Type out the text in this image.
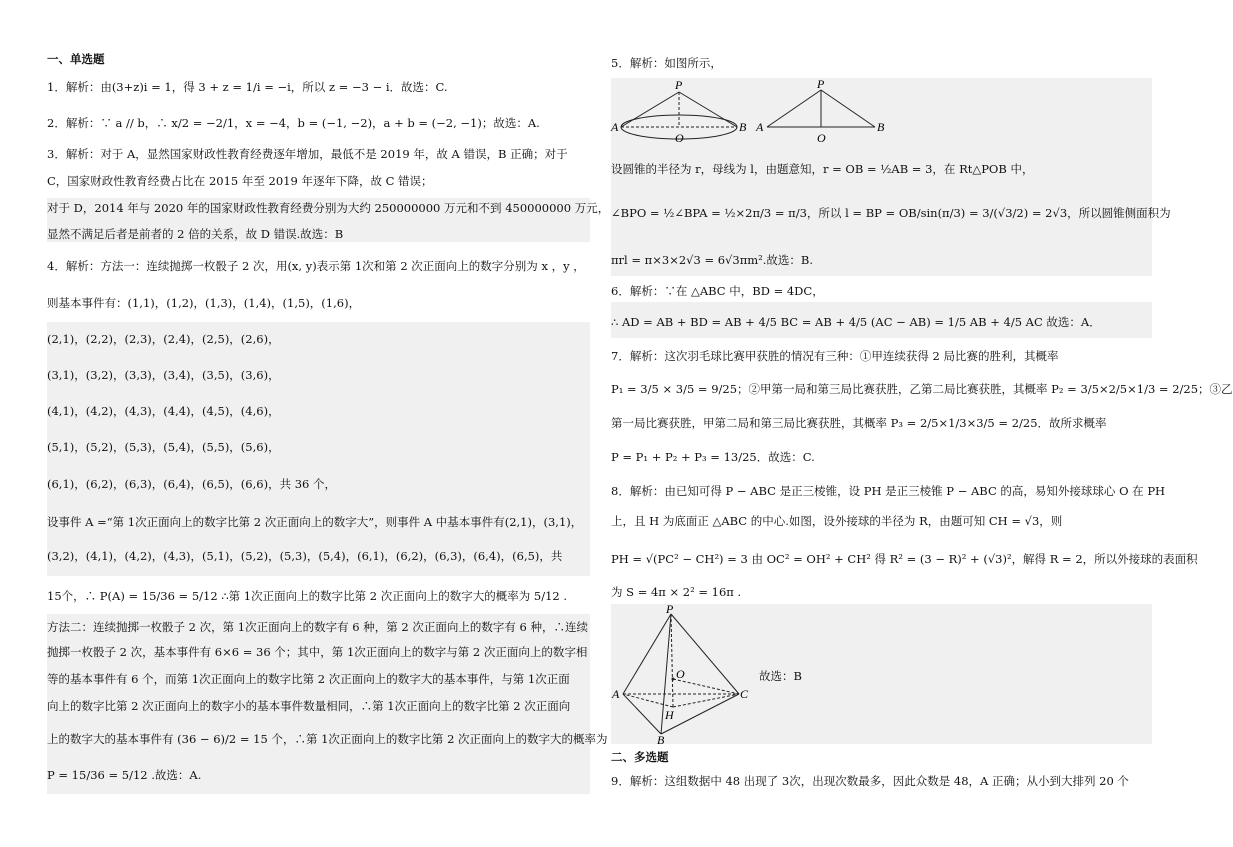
一、单选题
1．解析：由(3+z)i = 1，得 3 + z = 1/i = −i，所以 z = −3 − i．故选：C.
2．解析：∵ a // b，∴ x/2 = −2/1，x = −4，b = (−1, −2)，a + b = (−2, −1)；故选：A.
3．解析：对于 A，显然国家财政性教育经费逐年增加，最低不是 2019 年，故 A 错误，B 正确；对于
C，国家财政性教育经费占比在 2015 年至 2019 年逐年下降，故 C 错误；
对于 D，2014 年与 2020 年的国家财政性教育经费分别为大约 250000000 万元和不到 450000000 万元，
显然不满足后者是前者的 2 倍的关系，故 D 错误.故选：B
4．解析：方法一：连续抛掷一枚骰子 2 次，用(x, y)表示第 1次和第 2 次正面向上的数字分别为 x ，y ，
则基本事件有：(1,1)，(1,2)，(1,3)，(1,4)，(1,5)，(1,6)，
(2,1)，(2,2)，(2,3)，(2,4)，(2,5)，(2,6)，
(3,1)，(3,2)，(3,3)，(3,4)，(3,5)，(3,6)，
(4,1)，(4,2)，(4,3)，(4,4)，(4,5)，(4,6)，
(5,1)，(5,2)，(5,3)，(5,4)，(5,5)，(5,6)，
(6,1)，(6,2)，(6,3)，(6,4)，(6,5)，(6,6)，共 36 个，
设事件 A =“第 1次正面向上的数字比第 2 次正面向上的数字大”，则事件 A 中基本事件有(2,1)，(3,1)，
(3,2)，(4,1)，(4,2)，(4,3)，(5,1)，(5,2)，(5,3)，(5,4)，(6,1)，(6,2)，(6,3)，(6,4)，(6,5)，共
15个，∴ P(A) = 15/36 = 5/12 ∴第 1次正面向上的数字比第 2 次正面向上的数字大的概率为 5/12 .
方法二：连续抛掷一枚骰子 2 次，第 1次正面向上的数字有 6 种，第 2 次正面向上的数字有 6 种，∴连续
抛掷一枚骰子 2 次，基本事件有 6×6 = 36 个；其中，第 1次正面向上的数字与第 2 次正面向上的数字相
等的基本事件有 6 个，而第 1次正面向上的数字比第 2 次正面向上的数字大的基本事件，与第 1次正面
向上的数字比第 2 次正面向上的数字小的基本事件数量相同，∴第 1次正面向上的数字比第 2 次正面向
上的数字大的基本事件有 (36 − 6)/2 = 15 个，∴第 1次正面向上的数字比第 2 次正面向上的数字大的概率为
P = 15/36 = 5/12 .故选：A.
5．解析：如图所示，
P
A
O
B
P
A
O
B
设圆锥的半径为 r，母线为 l，由题意知，r = OB = ½AB = 3，在 Rt△POB 中，
∠BPO = ½∠BPA = ½×2π/3 = π/3，所以 l = BP = OB/sin(π/3) = 3/(√3/2) = 2√3，所以圆锥侧面积为
πrl = π×3×2√3 = 6√3πm².故选：B.
6．解析：∵在 △ABC 中，BD = 4DC，
∴ AD = AB + BD = AB + 4/5 BC = AB + 4/5 (AC − AB) = 1/5 AB + 4/5 AC 故选：A．
7．解析：这次羽毛球比赛甲获胜的情况有三种：①甲连续获得 2 局比赛的胜利，其概率
P₁ = 3/5 × 3/5 = 9/25；②甲第一局和第三局比赛获胜，乙第二局比赛获胜，其概率 P₂ = 3/5×2/5×1/3 = 2/25；③乙
第一局比赛获胜，甲第二局和第三局比赛获胜，其概率 P₃ = 2/5×1/3×3/5 = 2/25．故所求概率
P = P₁ + P₂ + P₃ = 13/25．故选：C.
8．解析：由已知可得 P − ABC 是正三棱锥，设 PH 是正三棱锥 P − ABC 的高，易知外接球球心 O 在 PH
上，且 H 为底面正 △ABC 的中心.如图，设外接球的半径为 R，由题可知 CH = √3，则
PH = √(PC² − CH²) = 3 由 OC² = OH² + CH² 得 R² = (3 − R)² + (√3)²，解得 R = 2，所以外接球的表面积
为 S = 4π × 2² = 16π .
P
A	C
B
O
H
故选：B
二、多选题
9．解析：这组数据中 48 出现了 3次，出现次数最多，因此众数是 48，A 正确；从小到大排列 20 个
